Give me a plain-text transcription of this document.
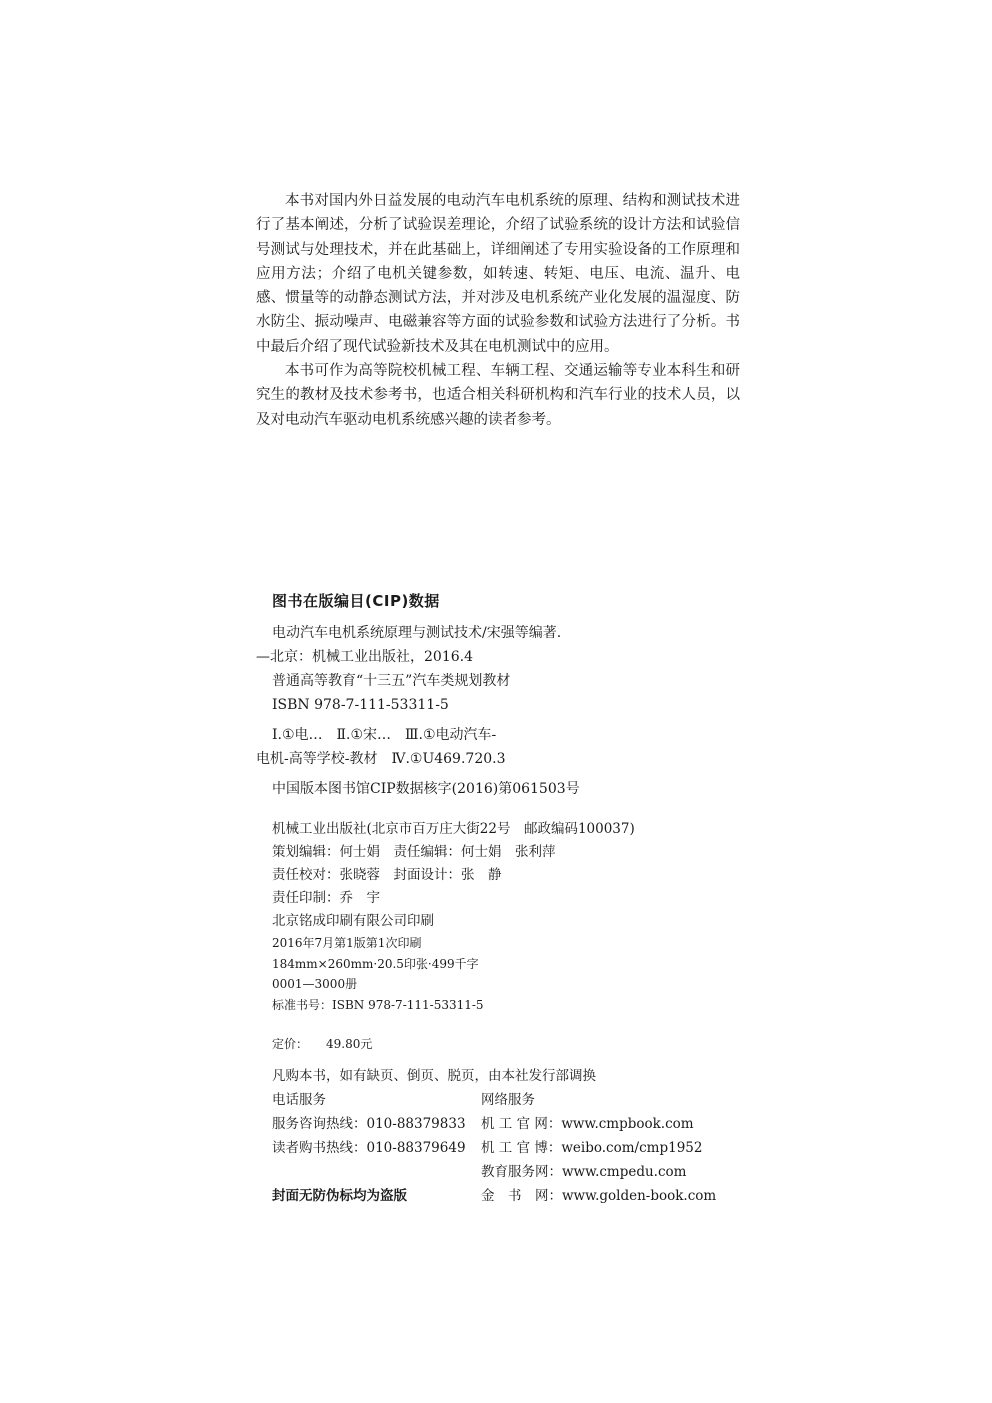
本书对国内外日益发展的电动汽车电机系统的原理、结构和测试技术进行了基本阐述，分析了试验误差理论，介绍了试验系统的设计方法和试验信号测试与处理技术，并在此基础上，详细阐述了专用实验设备的工作原理和应用方法；介绍了电机关键参数，如转速、转矩、电压、电流、温升、电感、惯量等的动静态测试方法，并对涉及电机系统产业化发展的温湿度、防水防尘、振动噪声、电磁兼容等方面的试验参数和试验方法进行了分析。书中最后介绍了现代试验新技术及其在电机测试中的应用。

本书可作为高等院校机械工程、车辆工程、交通运输等专业本科生和研究生的教材及技术参考书，也适合相关科研机构和汽车行业的技术人员，以及对电动汽车驱动电机系统感兴趣的读者参考。

图书在版编目(CIP)数据
电动汽车电机系统原理与测试技术/宋强等编著.
—北京：机械工业出版社，2016.4
普通高等教育“十三五”汽车类规划教材
ISBN 978-7-111-53311-5
Ⅰ.①电…　Ⅱ.①宋…　Ⅲ.①电动汽车-
电机-高等学校-教材　Ⅳ.①U469.720.3
中国版本图书馆CIP数据核字(2016)第061503号
机械工业出版社(北京市百万庄大街22号　邮政编码100037)
策划编辑：何士娟　责任编辑：何士娟　张利萍
责任校对：张晓蓉　封面设计：张　静
责任印制：乔　宇
北京铭成印刷有限公司印刷
2016年7月第1版第1次印刷
184mm×260mm·20.5印张·499千字
0001—3000册
标准书号：ISBN 978-7-111-53311-5
定价： 49.80元
凡购本书，如有缺页、倒页、脱页，由本社发行部调换
电话服务	网络服务
服务咨询热线：010-88379833 机 工 官 网：www.cmpbook.com
读者购书热线：010-88379649 机 工 官 博：weibo.com/cmp1952
教育服务网：www.cmpedu.com
封面无防伪标均为盗版	金　书　网：www.golden-book.com
